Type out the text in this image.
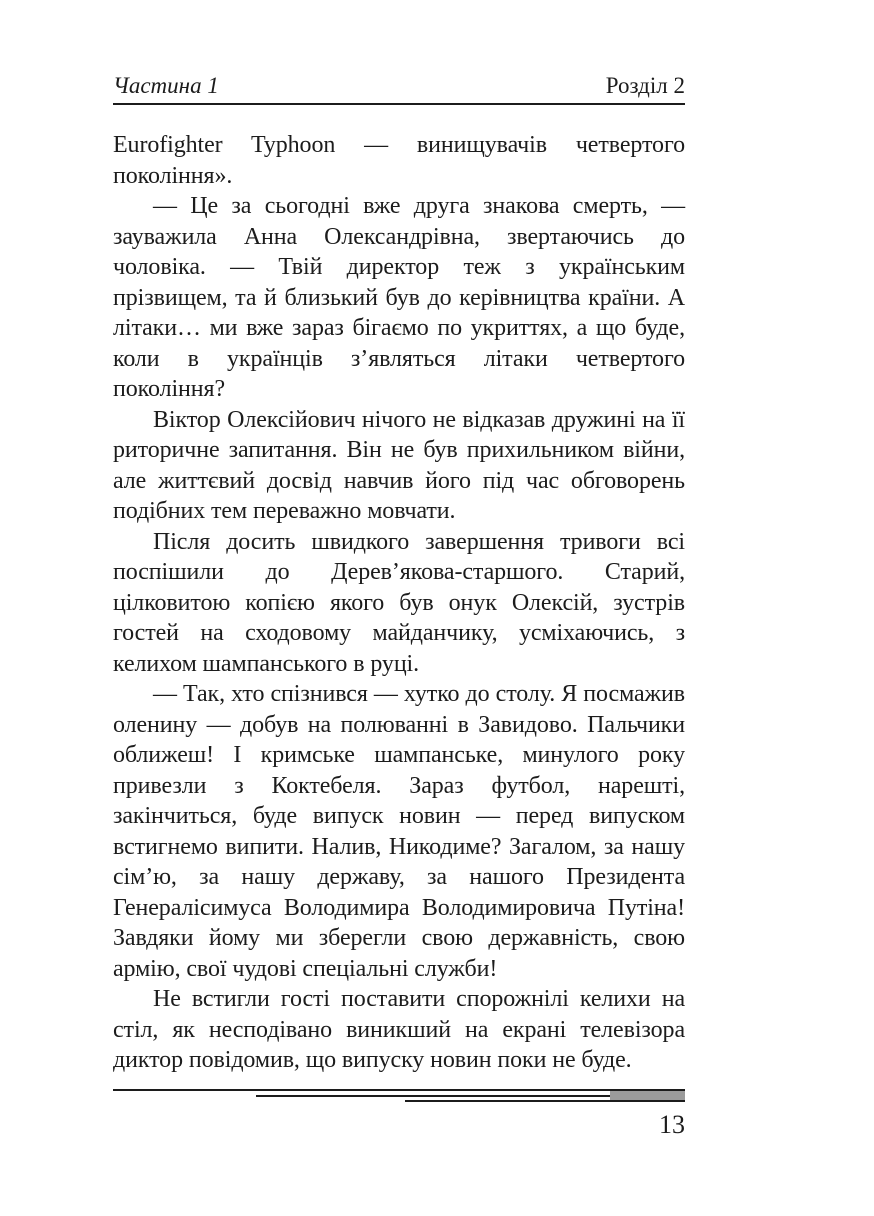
Частина 1	Розділ 2

Eurofighter Typhoon — винищувачів четвертого покоління».

— Це за сьогодні вже друга знакова смерть, — зауважила Анна Олександрівна, звертаючись до чоловіка. — Твій директор теж з українським прізвищем, та й близький був до керівництва країни. А літаки… ми вже зараз бігаємо по укриттях, а що буде, коли в українців з’являться літаки четвертого покоління?

Віктор Олексійович нічого не відказав дружині на її риторичне запитання. Він не був прихильником війни, але життєвий досвід навчив його під час обговорень подібних тем переважно мовчати.

Після досить швидкого завершення тривоги всі поспішили до Дерев’якова-старшого. Старий, цілковитою копією якого був онук Олексій, зустрів гостей на сходовому майданчику, усміхаючись, з келихом шампанського в руці.

— Так, хто спізнився — хутко до столу. Я посмажив оленину — добув на полюванні в Завидово. Пальчики оближеш! І кримське шампанське, минулого року привезли з Коктебеля. Зараз футбол, нарешті, закінчиться, буде випуск новин — перед випуском встигнемо випити. Налив, Никодиме? Загалом, за нашу сім’ю, за нашу державу, за нашого Президента Генералісимуса Володимира Володимировича Путіна! Завдяки йому ми зберегли свою державність, свою армію, свої чудові спеціальні служби!

Не встигли гості поставити спорожнілі келихи на стіл, як несподівано виникший на екрані телевізора диктор повідомив, що випуску новин поки не буде.

13
